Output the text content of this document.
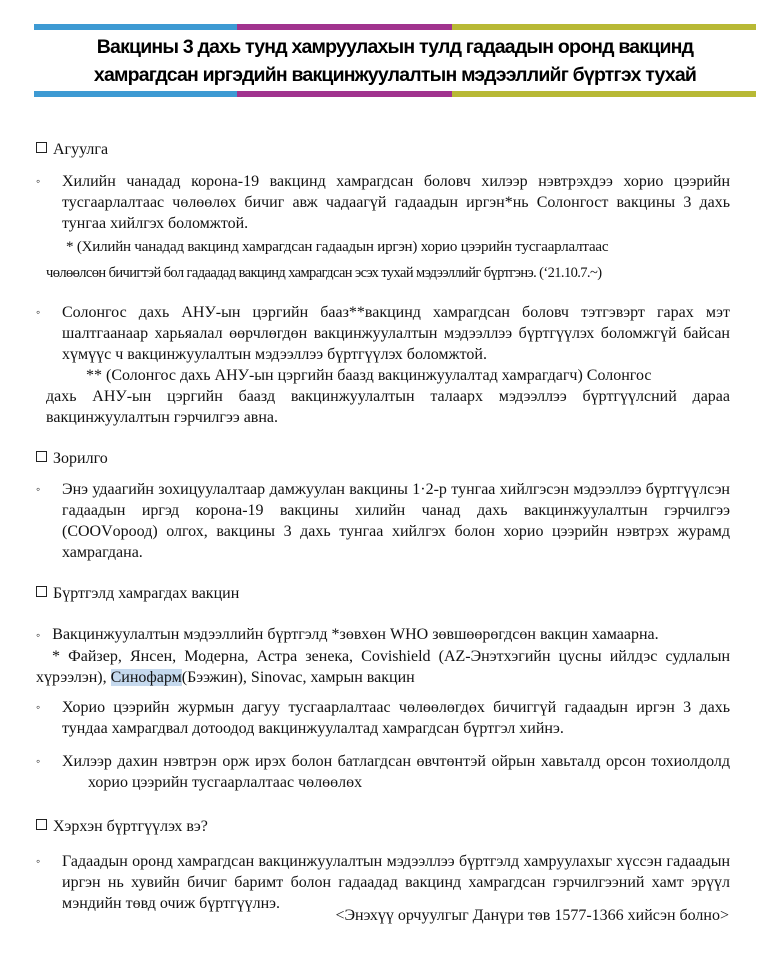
Вакцины 3 дахь тунд хамруулахын тулд гадаадын оронд вакцинд
хамрагдсан иргэдийн вакцинжуулалтын мэдээллийг бүртгэх тухай
Агуулга

◦ Хилийн чанадад корона-19 вакцинд хамрагдсан боловч хилээр нэвтрэхдээ хорио цээрийн тусгаарлалтаас чөлөөлөх бичиг авж чадаагүй гадаадын иргэн*нь Солонгост вакцины 3 дахь тунгаа хийлгэх боломжтой.

* (Хилийн чанадад вакцинд хамрагдсан гадаадын иргэн) хорио цээрийн тусгаарлалтаас

чөлөөлсөн бичигтэй бол гадаадад вакцинд хамрагдсан эсэх тухай мэдээллийг бүртгэнэ. (‘21.10.7.~)

◦ Солонгос дахь АНУ-ын цэргийн бааз**вакцинд хамрагдсан боловч тэтгэвэрт гарах мэт шалтгаанаар харьяалал өөрчлөгдөн вакцинжуулалтын мэдээллээ бүртгүүлэх боломжгүй байсан хүмүүс ч вакцинжуулалтын мэдээллээ бүртгүүлэх боломжтой.

** (Солонгос дахь АНУ-ын цэргийн баазд вакцинжуулалтад хамрагдагч) Солонгос

дахь АНУ-ын цэргийн баазд вакцинжуулалтын талаарх мэдээллээ бүртгүүлсний дараа вакцинжуулалтын гэрчилгээ авна.

Зорилго

◦ Энэ удаагийн зохицуулалтаар дамжуулан вакцины 1·2-р тунгаа хийлгэсэн мэдээллээ бүртгүүлсэн гадаадын иргэд корона-19 вакцины хилийн чанад дахь вакцинжуулалтын гэрчилгээ (COOVороод) олгох, вакцины 3 дахь тунгаа хийлгэх болон хорио цээрийн нэвтрэх журамд хамрагдана.

Бүртгэлд хамрагдах вакцин

◦ Вакцинжуулалтын мэдээллийн бүртгэлд *зөвхөн WHO зөвшөөрөгдсөн вакцин хамаарна.

* Файзер, Янсен, Модерна, Астра зенека, Covishield (AZ-Энэтхэгийн цусны ийлдэс судлалын хүрээлэн), Синофарм(Бээжин), Sinovac, хамрын вакцин

◦ Хорио цээрийн журмын дагуу тусгаарлалтаас чөлөөлөгдөх бичиггүй гадаадын иргэн 3 дахь тундаа хамрагдвал дотоодод вакцинжуулалтад хамрагдсан бүртгэл хийнэ.

◦ Хилээр дахин нэвтрэн орж ирэх болон батлагдсан өвчтөнтэй ойрын хавьталд орсон тохиолдолд хорио цээрийн тусгаарлалтаас чөлөөлөх

Хэрхэн бүртгүүлэх вэ?

◦ Гадаадын оронд хамрагдсан вакцинжуулалтын мэдээллээ бүртгэлд хамруулахыг хүссэн гадаадын иргэн нь хувийн бичиг баримт болон гадаадад вакцинд хамрагдсан гэрчилгээний хамт эрүүл мэндийн төвд очиж бүртгүүлнэ.

<Энэхүү орчуулгыг Данүри төв 1577-1366 хийсэн болно>
